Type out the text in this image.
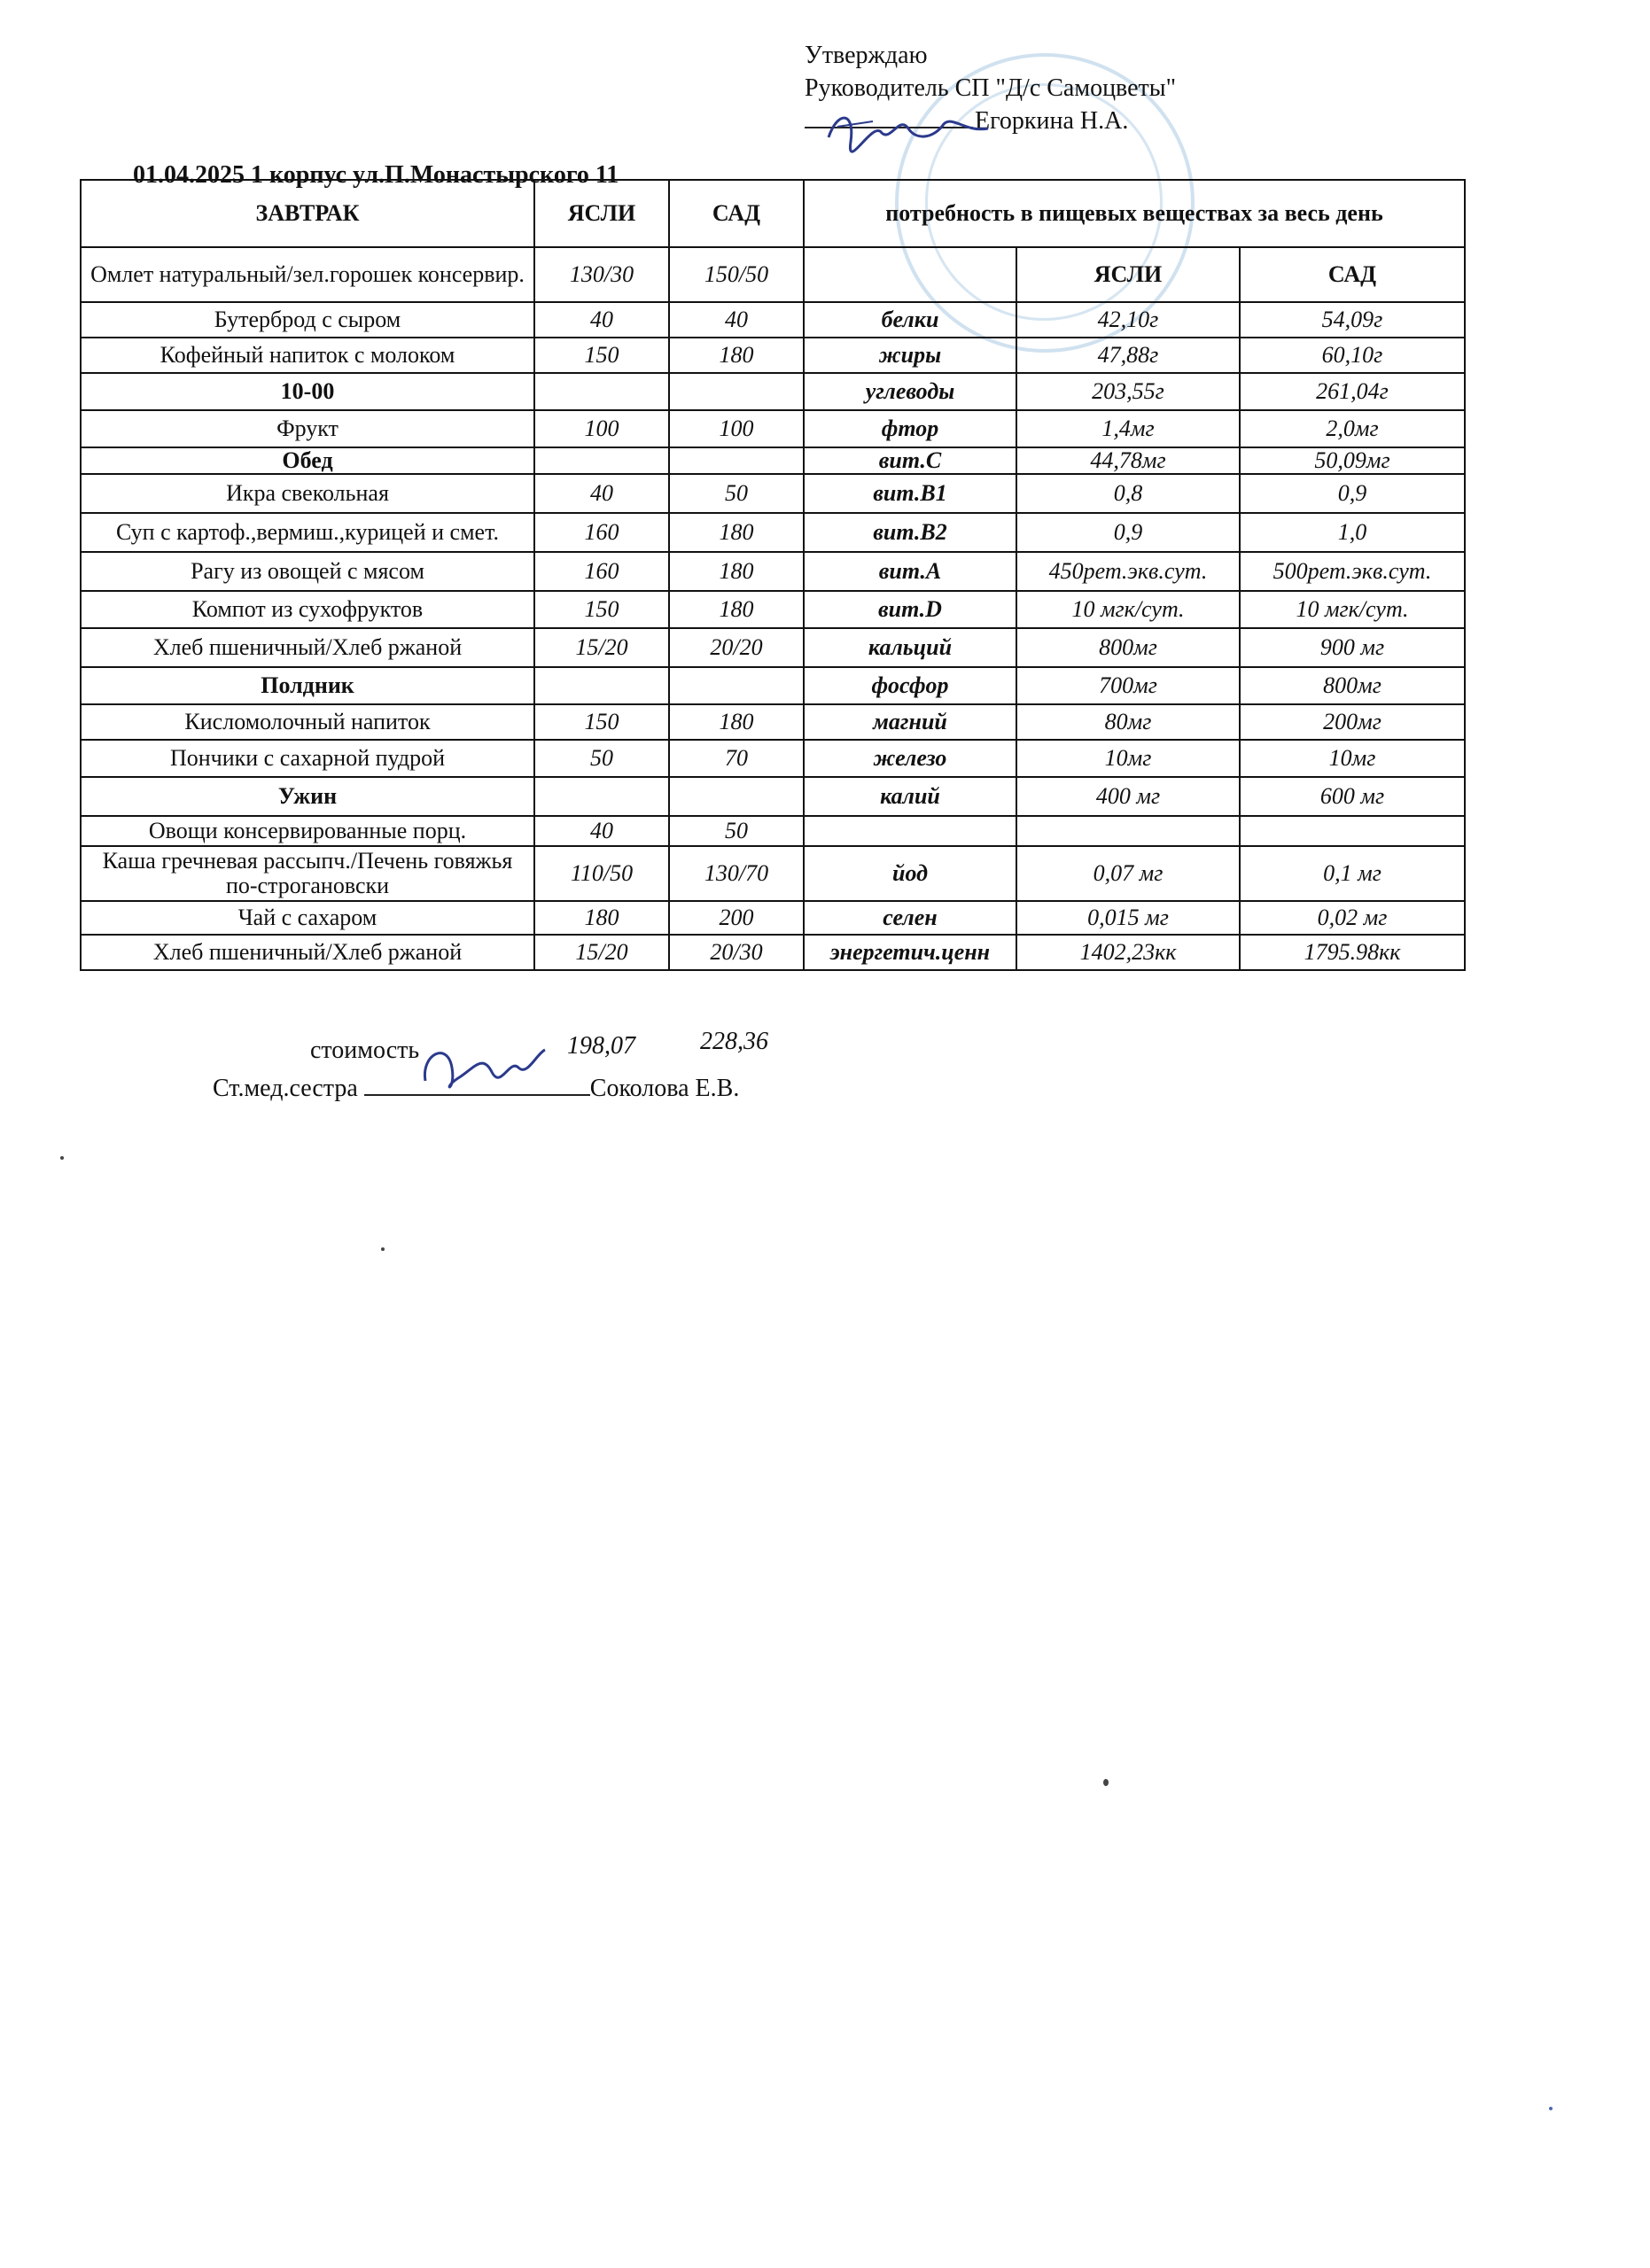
Утверждаю
Руководитель СП "Д/с Самоцветы"
Егоркина Н.А.
01.04.2025 1 корпус ул.П.Монастырского 11
ЗАВТРАК	ЯСЛИ	САД	потребность в пищевых веществах за весь день		
Омлет натуральный/зел.горошек консервир.	130/30	150/50		ЯСЛИ	САД
Бутерброд с сыром	40	40	белки	42,10г	54,09г
Кофейный напиток с молоком	150	180	жиры	47,88г	60,10г
10-00			углеводы	203,55г	261,04г
Фрукт	100	100	фтор	1,4мг	2,0мг
Обед			вит.С	44,78мг	50,09мг
Икра свекольная	40	50	вит.В1	0,8	0,9
Суп с картоф.,вермиш.,курицей и смет.	160	180	вит.В2	0,9	1,0
Рагу из овощей с мясом	160	180	вит.А	450рет.экв.сут.	500рет.экв.сут.
Компот из сухофруктов	150	180	вит.D	10 мгк/сут.	10 мгк/сут.
Хлеб пшеничный/Хлеб ржаной	15/20	20/20	кальций	800мг	900 мг
Полдник			фосфор	700мг	800мг
Кисломолочный напиток	150	180	магний	80мг	200мг
Пончики с сахарной пудрой	50	70	железо	10мг	10мг
Ужин			калий	400 мг	600 мг
Овощи консервированные порц.	40	50			
Каша гречневая рассыпч./Печень говяжья по-строгановски	110/50	130/70	йод	0,07 мг	0,1 мг
Чай с сахаром	180	200	селен	0,015 мг	0,02 мг
Хлеб пшеничный/Хлеб ржаной	15/20	20/30	энергетич.ценн	1402,23кк	1795.98кк
стоимость	198,07	228,36
Ст.мед.сестра	Соколова Е.В.
